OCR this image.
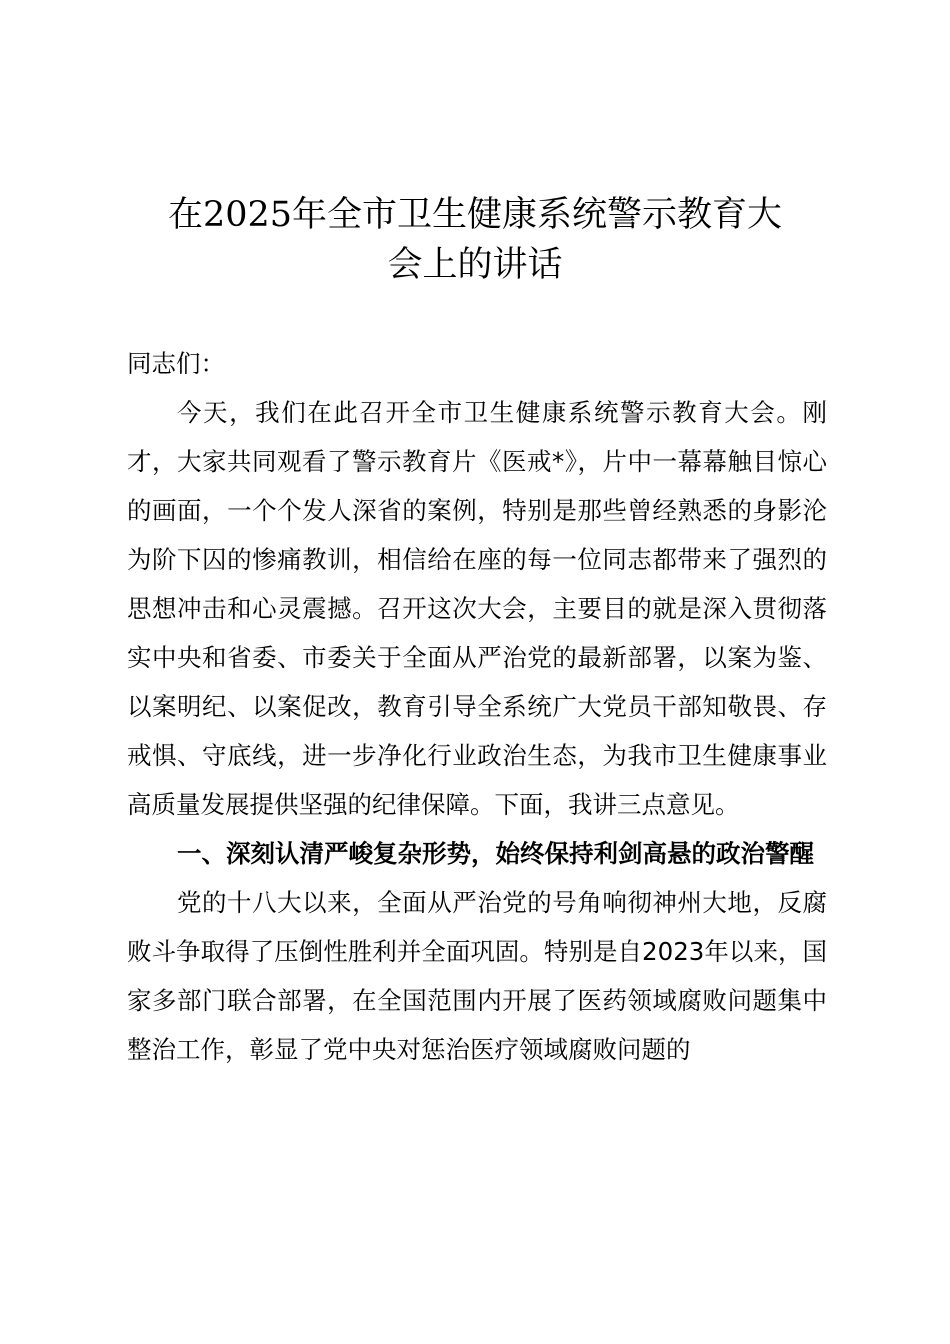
在2025年全市卫生健康系统警示教育大
会上的讲话

同志们：

今天，我们在此召开全市卫生健康系统警示教育大会。刚才，大家共同观看了警示教育片《医戒*》，片中一幕幕触目惊心的画面，一个个发人深省的案例，特别是那些曾经熟悉的身影沦为阶下囚的惨痛教训，相信给在座的每一位同志都带来了强烈的思想冲击和心灵震撼。召开这次大会，主要目的就是深入贯彻落实中央和省委、市委关于全面从严治党的最新部署，以案为鉴、以案明纪、以案促改，教育引导全系统广大党员干部知敬畏、存戒惧、守底线，进一步净化行业政治生态，为我市卫生健康事业高质量发展提供坚强的纪律保障。下面，我讲三点意见。

一、深刻认清严峻复杂形势，始终保持利剑高悬的政治警醒

党的十八大以来，全面从严治党的号角响彻神州大地，反腐败斗争取得了压倒性胜利并全面巩固。特别是自2023年以来，国家多部门联合部署，在全国范围内开展了医药领域腐败问题集中整治工作，彰显了党中央对惩治医疗领域腐败问题的
